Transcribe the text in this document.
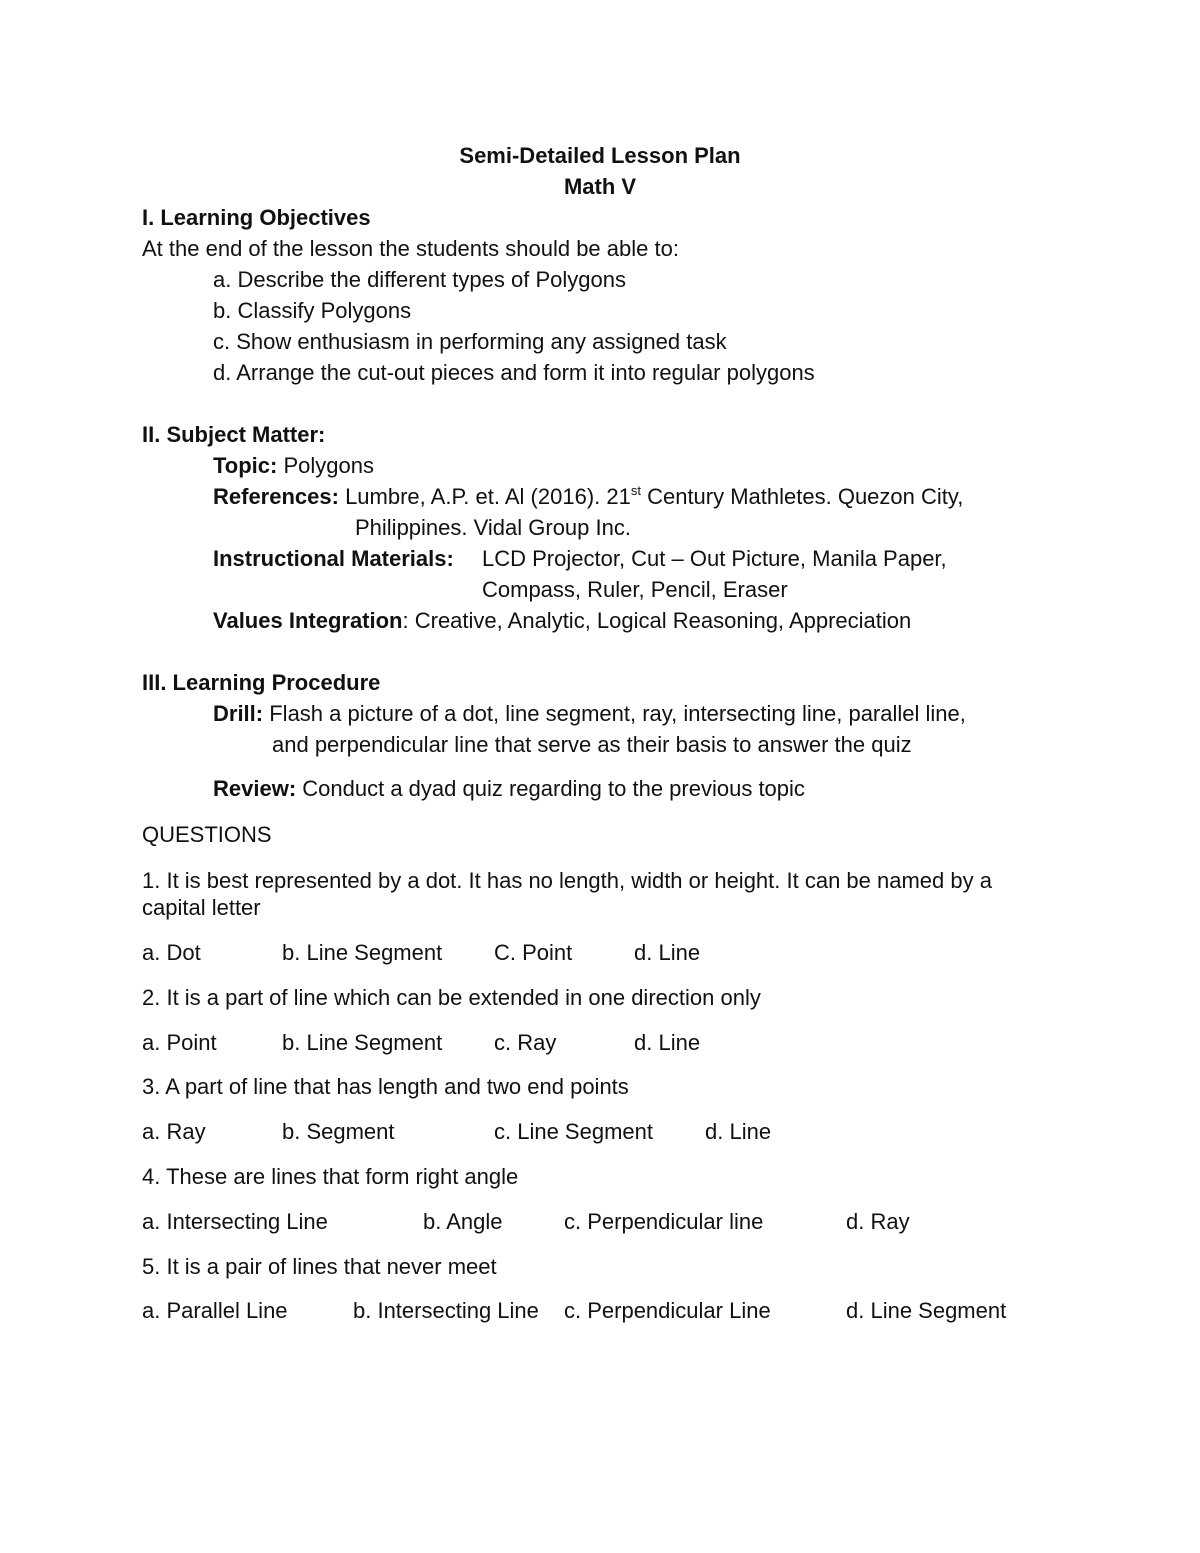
Semi-Detailed Lesson Plan
Math V
I. Learning Objectives
At the end of the lesson the students should be able to:
a. Describe the different types of Polygons
b. Classify Polygons
c. Show enthusiasm in performing any assigned task
d. Arrange the cut-out pieces and form it into regular polygons
II. Subject Matter:
Topic: Polygons
References: Lumbre, A.P. et. Al (2016). 21st Century Mathletes. Quezon City,
Philippines. Vidal Group Inc.
Instructional Materials: LCD Projector, Cut – Out Picture, Manila Paper,
Compass, Ruler, Pencil, Eraser
Values Integration: Creative, Analytic, Logical Reasoning, Appreciation
III. Learning Procedure
Drill: Flash a picture of a dot, line segment, ray, intersecting line, parallel line,
and perpendicular line that serve as their basis to answer the quiz
Review: Conduct a dyad quiz regarding to the previous topic
QUESTIONS
1. It is best represented by a dot. It has no length, width or height. It can be named by a
capital letter
a. Dot	b. Line Segment C. Point	d. Line
2. It is a part of line which can be extended in one direction only
a. Point	b. Line Segment c. Ray	d. Line
3. A part of line that has length and two end points
a. Ray	b. Segment	c. Line Segment d. Line
4. These are lines that form right angle
a. Intersecting Line	b. Angle	c. Perpendicular line	d. Ray
5. It is a pair of lines that never meet
a. Parallel Line	b. Intersecting Line c. Perpendicular Line	d. Line Segment
